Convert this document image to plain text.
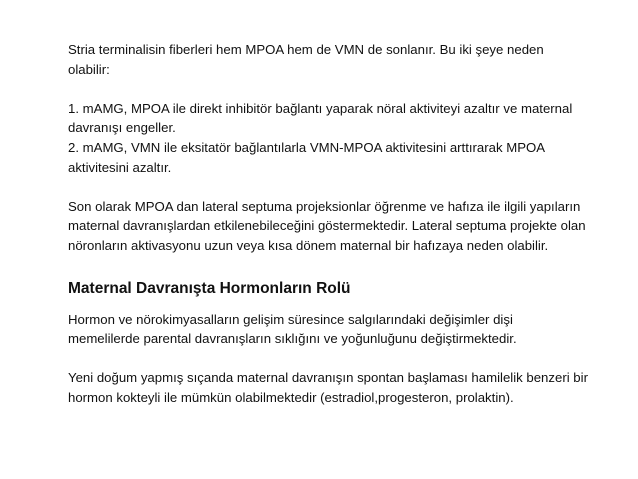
Stria terminalisin fiberleri hem MPOA hem de VMN de sonlanır. Bu iki şeye neden olabilir:

1. mAMG, MPOA ile direkt inhibitör bağlantı yaparak nöral aktiviteyi azaltır ve maternal davranışı engeller.

2. mAMG, VMN ile eksitatör bağlantılarla VMN-MPOA aktivitesini arttırarak MPOA aktivitesini azaltır.

Son olarak MPOA dan lateral septuma projeksionlar öğrenme ve hafıza ile ilgili yapıların maternal davranışlardan etkilenebileceğini göstermektedir. Lateral septuma projekte olan nöronların aktivasyonu uzun veya kısa dönem maternal bir hafızaya neden olabilir.

Maternal Davranışta Hormonların Rolü

Hormon ve nörokimyasalların gelişim süresince salgılarındaki değişimler dişi memelilerde parental davranışların sıklığını ve yoğunluğunu değiştirmektedir.

Yeni doğum yapmış sıçanda maternal davranışın spontan başlaması hamilelik benzeri bir hormon kokteyli ile mümkün olabilmektedir (estradiol,progesteron, prolaktin).
